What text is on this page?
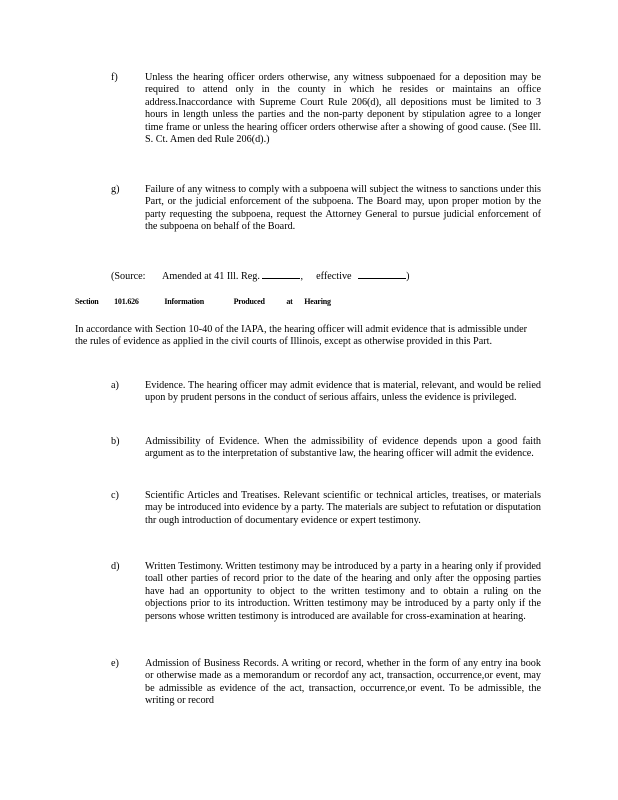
f)	Unless the hearing officer orders otherwise, any witness subpoenaed for a deposition may be required to attend only in the county in which he resides or maintains an office address.Inaccordance with Supreme Court Rule 206(d), all depositions must be limited to 3 hours in length unless the parties and the non-party deponent by stipulation agree to a longer time frame or unless the hearing officer orders otherwise after a showing of good cause. (See Ill. S. Ct. Amen ded Rule 206(d).)
g)	Failure of any witness to comply with a subpoena will subject the witness to sanctions under this Part, or the judicial enforcement of the subpoena. The Board may, upon proper motion by the party requesting the subpoena, request the Attorney General to pursue judicial enforcement of the subpoena on behalf of the Board.
(Source: Amended at 41 Ill. Reg.	, effective	)
Section 101.626	Information	Produced	at Hearing
In accordance with Section 10-40 of the IAPA, the hearing officer will admit evidence that is admissible under the rules of evidence as applied in the civil courts of Illinois, except as otherwise provided in this Part.
a)	Evidence. The hearing officer may admit evidence that is material, relevant, and would be relied upon by prudent persons in the conduct of serious affairs, unless the evidence is privileged.
b)	Admissibility of Evidence. When the admissibility of evidence depends upon a good faith argument as to the interpretation of substantive law, the hearing officer will admit the evidence.
c)	Scientific Articles and Treatises. Relevant scientific or technical articles, treatises, or materials may be introduced into evidence by a party. The materials are subject to refutation or disputation thr ough introduction of documentary evidence or expert testimony.
d)	Written Testimony. Written testimony may be introduced by a party in a hearing only if provided toall other parties of record prior to the date of the hearing and only after the opposing parties have had an opportunity to object to the written testimony and to obtain a ruling on the objections prior to its introduction. Written testimony may be introduced by a party only if the persons whose written testimony is introduced are available for cross-examination at hearing.
e)	Admission of Business Records. A writing or record, whether in the form of any entry ina book or otherwise made as a memorandum or recordof any act, transaction, occurrence,or event, may be admissible as evidence of the act, transaction, occurrence,or event. To be admissible, the writing or record
